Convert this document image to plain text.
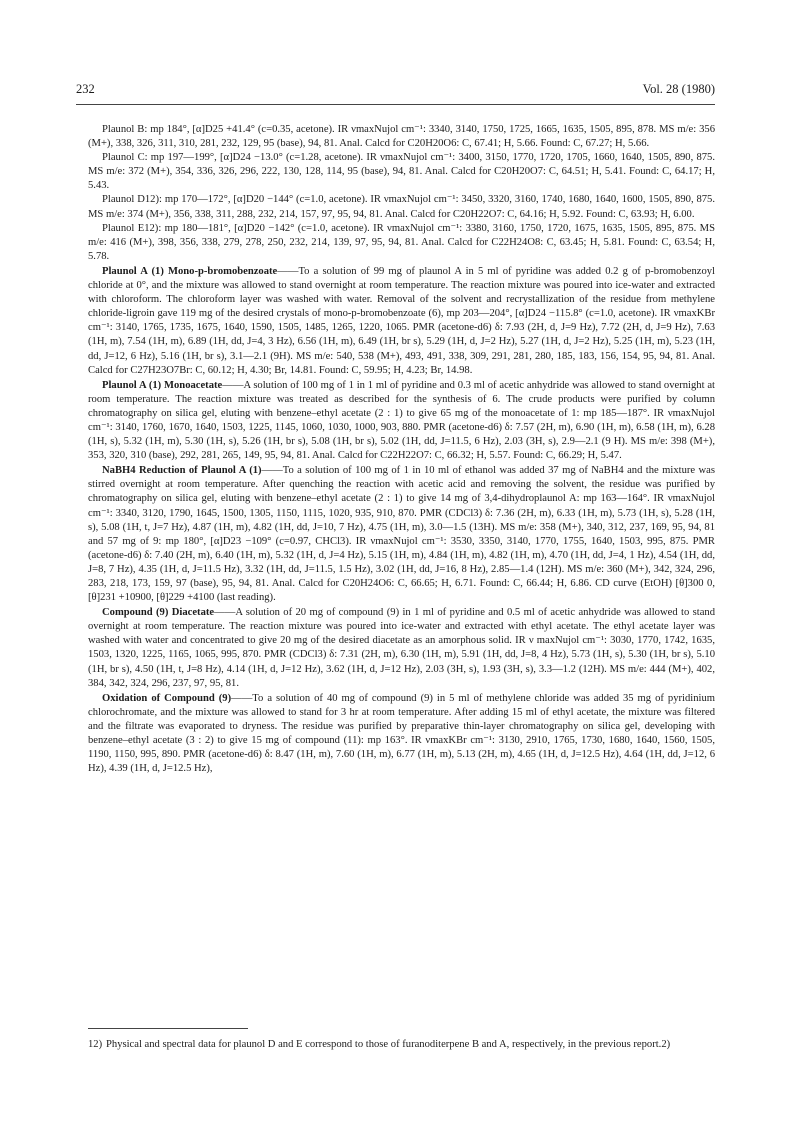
232	Vol. 28 (1980)

Plaunol B: mp 184°, [α]D25 +41.4° (c=0.35, acetone). IR νmaxNujol cm⁻¹: 3340, 3140, 1750, 1725, 1665, 1635, 1505, 895, 878. MS m/e: 356 (M+), 338, 326, 311, 310, 281, 232, 129, 95 (base), 94, 81. Anal. Calcd for C20H20O6: C, 67.41; H, 5.66. Found: C, 67.27; H, 5.66.

Plaunol C: mp 197—199°, [α]D24 −13.0° (c=1.28, acetone). IR νmaxNujol cm⁻¹: 3400, 3150, 1770, 1720, 1705, 1660, 1640, 1505, 890, 875. MS m/e: 372 (M+), 354, 336, 326, 296, 222, 130, 128, 114, 95 (base), 94, 81. Anal. Calcd for C20H20O7: C, 64.51; H, 5.41. Found: C, 64.17; H, 5.43.

Plaunol D12): mp 170—172°, [α]D20 −144° (c=1.0, acetone). IR νmaxNujol cm⁻¹: 3450, 3320, 3160, 1740, 1680, 1640, 1600, 1505, 890, 875. MS m/e: 374 (M+), 356, 338, 311, 288, 232, 214, 157, 97, 95, 94, 81. Anal. Calcd for C20H22O7: C, 64.16; H, 5.92. Found: C, 63.93; H, 6.00.

Plaunol E12): mp 180—181°, [α]D20 −142° (c=1.0, acetone). IR νmaxNujol cm⁻¹: 3380, 3160, 1750, 1720, 1675, 1635, 1505, 895, 875. MS m/e: 416 (M+), 398, 356, 338, 279, 278, 250, 232, 214, 139, 97, 95, 94, 81. Anal. Calcd for C22H24O8: C, 63.45; H, 5.81. Found: C, 63.54; H, 5.78.

Plaunol A (1) Mono-p-bromobenzoate——To a solution of 99 mg of plaunol A in 5 ml of pyridine was added 0.2 g of p-bromobenzoyl chloride at 0°, and the mixture was allowed to stand overnight at room temperature. The reaction mixture was poured into ice-water and extracted with chloroform. The chloroform layer was washed with water. Removal of the solvent and recrystallization of the residue from methylene chloride-ligroin gave 119 mg of the desired crystals of mono-p-bromobenzoate (6), mp 203—204°, [α]D24 −115.8° (c=1.0, acetone). IR νmaxKBr cm⁻¹: 3140, 1765, 1735, 1675, 1640, 1590, 1505, 1485, 1265, 1220, 1065. PMR (acetone-d6) δ: 7.93 (2H, d, J=9 Hz), 7.72 (2H, d, J=9 Hz), 7.63 (1H, m), 7.54 (1H, m), 6.89 (1H, dd, J=4, 3 Hz), 6.56 (1H, m), 6.49 (1H, br s), 5.29 (1H, d, J=2 Hz), 5.27 (1H, d, J=2 Hz), 5.25 (1H, m), 5.23 (1H, dd, J=12, 6 Hz), 5.16 (1H, br s), 3.1—2.1 (9H). MS m/e: 540, 538 (M+), 493, 491, 338, 309, 291, 281, 280, 185, 183, 156, 154, 95, 94, 81. Anal. Calcd for C27H23O7Br: C, 60.12; H, 4.30; Br, 14.81. Found: C, 59.95; H, 4.23; Br, 14.98.

Plaunol A (1) Monoacetate——A solution of 100 mg of 1 in 1 ml of pyridine and 0.3 ml of acetic anhydride was allowed to stand overnight at room temperature. The reaction mixture was treated as described for the synthesis of 6. The crude products were purified by column chromatography on silica gel, eluting with benzene–ethyl acetate (2 : 1) to give 65 mg of the monoacetate of 1: mp 185—187°. IR νmaxNujol cm⁻¹: 3140, 1760, 1670, 1640, 1503, 1225, 1145, 1060, 1030, 1000, 903, 880. PMR (acetone-d6) δ: 7.57 (2H, m), 6.90 (1H, m), 6.58 (1H, m), 6.28 (1H, s), 5.32 (1H, m), 5.30 (1H, s), 5.26 (1H, br s), 5.08 (1H, br s), 5.02 (1H, dd, J=11.5, 6 Hz), 2.03 (3H, s), 2.9—2.1 (9 H). MS m/e: 398 (M+), 353, 320, 310 (base), 292, 281, 265, 149, 95, 94, 81. Anal. Calcd for C22H22O7: C, 66.32; H, 5.57. Found: C, 66.29; H, 5.47.

NaBH4 Reduction of Plaunol A (1)——To a solution of 100 mg of 1 in 10 ml of ethanol was added 37 mg of NaBH4 and the mixture was stirred overnight at room temperature. After quenching the reaction with acetic acid and removing the solvent, the residue was purified by chromatography on silica gel, eluting with benzene–ethyl acetate (2 : 1) to give 14 mg of 3,4-dihydroplaunol A: mp 163—164°. IR νmaxNujol cm⁻¹: 3340, 3120, 1790, 1645, 1500, 1305, 1150, 1115, 1020, 935, 910, 870. PMR (CDCl3) δ: 7.36 (2H, m), 6.33 (1H, m), 5.73 (1H, s), 5.28 (1H, s), 5.08 (1H, t, J=7 Hz), 4.87 (1H, m), 4.82 (1H, dd, J=10, 7 Hz), 4.75 (1H, m), 3.0—1.5 (13H). MS m/e: 358 (M+), 340, 312, 237, 169, 95, 94, 81 and 57 mg of 9: mp 180°, [α]D23 −109° (c=0.97, CHCl3). IR νmaxNujol cm⁻¹: 3530, 3350, 3140, 1770, 1755, 1640, 1503, 995, 875. PMR (acetone-d6) δ: 7.40 (2H, m), 6.40 (1H, m), 5.32 (1H, d, J=4 Hz), 5.15 (1H, m), 4.84 (1H, m), 4.82 (1H, m), 4.70 (1H, dd, J=4, 1 Hz), 4.54 (1H, dd, J=8, 7 Hz), 4.35 (1H, d, J=11.5 Hz), 3.32 (1H, dd, J=11.5, 1.5 Hz), 3.02 (1H, dd, J=16, 8 Hz), 2.85—1.4 (12H). MS m/e: 360 (M+), 342, 324, 296, 283, 218, 173, 159, 97 (base), 95, 94, 81. Anal. Calcd for C20H24O6: C, 66.65; H, 6.71. Found: C, 66.44; H, 6.86. CD curve (EtOH) [θ]300 0, [θ]231 +10900, [θ]229 +4100 (last reading).

Compound (9) Diacetate——A solution of 20 mg of compound (9) in 1 ml of pyridine and 0.5 ml of acetic anhydride was allowed to stand overnight at room temperature. The reaction mixture was poured into ice-water and extracted with ethyl acetate. The ethyl acetate layer was washed with water and concentrated to give 20 mg of the desired diacetate as an amorphous solid. IR ν maxNujol cm⁻¹: 3030, 1770, 1742, 1635, 1503, 1320, 1225, 1165, 1065, 995, 870. PMR (CDCl3) δ: 7.31 (2H, m), 6.30 (1H, m), 5.91 (1H, dd, J=8, 4 Hz), 5.73 (1H, s), 5.30 (1H, br s), 5.10 (1H, br s), 4.50 (1H, t, J=8 Hz), 4.14 (1H, d, J=12 Hz), 3.62 (1H, d, J=12 Hz), 2.03 (3H, s), 1.93 (3H, s), 3.3—1.2 (12H). MS m/e: 444 (M+), 402, 384, 342, 324, 296, 237, 97, 95, 81.

Oxidation of Compound (9)——To a solution of 40 mg of compound (9) in 5 ml of methylene chloride was added 35 mg of pyridinium chlorochromate, and the mixture was allowed to stand for 3 hr at room temperature. After adding 15 ml of ethyl acetate, the mixture was filtered and the filtrate was evaporated to dryness. The residue was purified by preparative thin-layer chromatography on silica gel, developing with benzene–ethyl acetate (3 : 2) to give 15 mg of compound (11): mp 163°. IR νmaxKBr cm⁻¹: 3130, 2910, 1765, 1730, 1680, 1640, 1560, 1505, 1190, 1150, 995, 890. PMR (acetone-d6) δ: 8.47 (1H, m), 7.60 (1H, m), 6.77 (1H, m), 5.13 (2H, m), 4.65 (1H, d, J=12.5 Hz), 4.64 (1H, dd, J=12, 6 Hz), 4.39 (1H, d, J=12.5 Hz),

12) Physical and spectral data for plaunol D and E correspond to those of furanoditerpene B and A, respectively, in the previous report.2)
